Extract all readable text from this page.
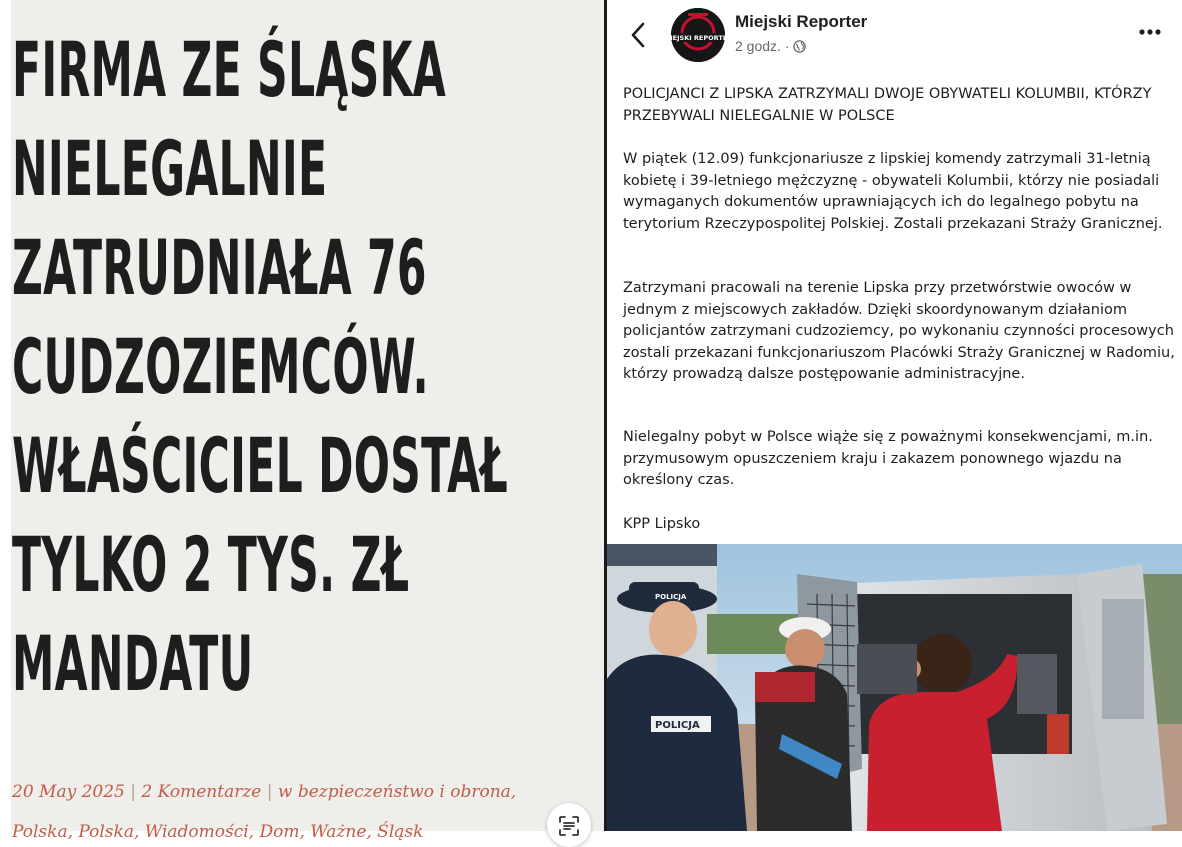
FIRMA ZE ŚLĄSKA
NIELEGALNIE
ZATRUDNIAŁA 76
CUDZOZIEMCÓW.
WŁAŚCICIEL DOSTAŁ
TYLKO 2 TYS. ZŁ
MANDATU
20 May 2025 | 2 Komentarze | w bezpieczeństwo i obrona,
Polska, Polska, Wiadomości, Dom, Ważne, Śląsk
MIEJSKI REPORTER
Miejski Reporter
2 godz. ·

POLICJANCI Z LIPSKA ZATRZYMALI DWOJE OBYWATELI KOLUMBII, KTÓRZY PRZEBYWALI NIELEGALNIE W POLSCE

W piątek (12.09) funkcjonariusze z lipskiej komendy zatrzymali 31-letnią kobietę i 39-letniego mężczyznę - obywateli Kolumbii, którzy nie posiadali wymaganych dokumentów uprawniających ich do legalnego pobytu na terytorium Rzeczypospolitej Polskiej. Zostali przekazani Straży Granicznej.

Zatrzymani pracowali na terenie Lipska przy przetwórstwie owoców w jednym z miejscowych zakładów. Dzięki skoordynowanym działaniom policjantów zatrzymani cudzoziemcy, po wykonaniu czynności procesowych zostali przekazani funkcjonariuszom Placówki Straży Granicznej w Radomiu, którzy prowadzą dalsze postępowanie administracyjne.

Nielegalny pobyt w Polsce wiąże się z poważnymi konsekwencjami, m.in. przymusowym opuszczeniem kraju i zakazem ponownego wjazdu na określony czas.

KPP Lipsko

POLICJA
POLICJA
